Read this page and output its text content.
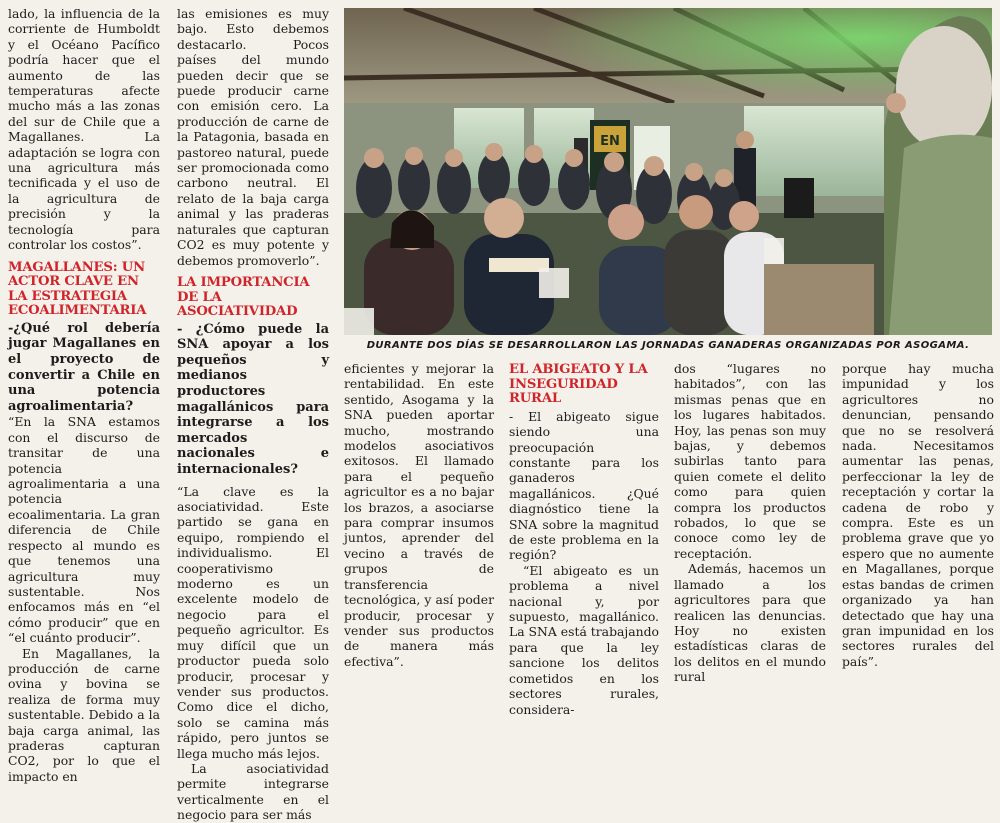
lado, la influencia de la corriente de Humboldt y el Océano Pacífico podría hacer que el aumento de las temperaturas afecte mucho más a las zonas del sur de Chile que a Magallanes. La adaptación se logra con una agricultura más tecnificada y el uso de la agricultura de precisión y la tecnología para controlar los costos”.

MAGALLANES: UN ACTOR CLAVE EN LA ESTRATEGIA ECOALIMENTARIA

-¿Qué rol debería jugar Magallanes en el proyecto de convertir a Chile en una potencia agroalimentaria?

“En la SNA estamos con el discurso de transitar de una potencia agroalimentaria a una potencia ecoalimentaria. La gran diferencia de Chile respecto al mundo es que tenemos una agricultura muy sustentable. Nos enfocamos más en “el cómo producir” que en “el cuánto producir”.

En Magallanes, la producción de carne ovina y bovina se realiza de forma muy sustentable. Debido a la baja carga animal, las praderas capturan CO2, por lo que el impacto en

las emisiones es muy bajo. Esto debemos destacarlo. Pocos países del mundo pueden decir que se puede producir carne con emisión cero. La producción de carne de la Patagonia, basada en pastoreo natural, puede ser promocionada como carbono neutral. El relato de la baja carga animal y las praderas naturales que capturan CO2 es muy potente y debemos promoverlo”.

LA IMPORTANCIA DE LA ASOCIATIVIDAD

- ¿Cómo puede la SNA apoyar a los pequeños y medianos productores magallánicos para integrarse a los mercados nacionales e internacionales?

“La clave es la asociatividad. Este partido se gana en equipo, rompiendo el individualismo. El cooperativismo moderno es un excelente modelo de negocio para el pequeño agricultor. Es muy difícil que un productor pueda solo producir, procesar y vender sus productos. Como dice el dicho, solo se camina más rápido, pero juntos se llega mucho más lejos.

La asociatividad permite integrarse verticalmente en el negocio para ser más

EN
DURANTE DOS DÍAS SE DESARROLLARON LAS JORNADAS GANADERAS ORGANIZADAS POR ASOGAMA.

eficientes y mejorar la rentabilidad. En este sentido, Asogama y la SNA pueden aportar mucho, mostrando modelos asociativos exitosos. El llamado para el pequeño agricultor es a no bajar los brazos, a asociarse para comprar insumos juntos, aprender del vecino a través de grupos de transferencia tecnológica, y así poder producir, procesar y vender sus productos de manera más efectiva”.

EL ABIGEATO Y LA INSEGURIDAD RURAL

- El abigeato sigue siendo una preocupación constante para los ganaderos magallánicos. ¿Qué diagnóstico tiene la SNA sobre la magnitud de este problema en la región?

“El abigeato es un problema a nivel nacional y, por supuesto, magallánico. La SNA está trabajando para que la ley sancione los delitos cometidos en los sectores rurales, considera-

dos “lugares no habitados”, con las mismas penas que en los lugares habitados. Hoy, las penas son muy bajas, y debemos subirlas tanto para quien comete el delito como para quien compra los productos robados, lo que se conoce como ley de receptación.

Además, hacemos un llamado a los agricultores para que realicen las denuncias. Hoy no existen estadísticas claras de los delitos en el mundo rural

porque hay mucha impunidad y los agricultores no denuncian, pensando que no se resolverá nada. Necesitamos aumentar las penas, perfeccionar la ley de receptación y cortar la cadena de robo y compra. Este es un problema grave que yo espero que no aumente en Magallanes, porque estas bandas de crimen organizado ya han detectado que hay una gran impunidad en los sectores rurales del país”.
